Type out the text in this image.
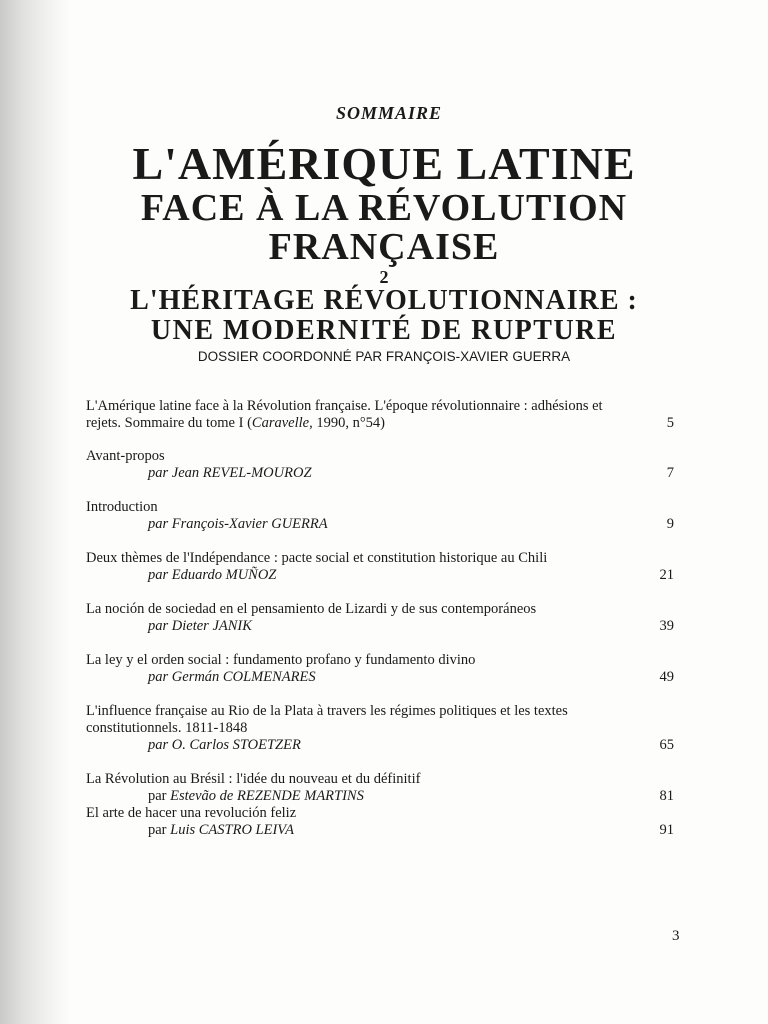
SOMMAIRE
L'AMÉRIQUE LATINE
FACE À LA RÉVOLUTION
FRANÇAISE
2
L'HÉRITAGE RÉVOLUTIONNAIRE :
UNE MODERNITÉ DE RUPTURE
DOSSIER COORDONNÉ PAR FRANÇOIS-XAVIER GUERRA
L'Amérique latine face à la Révolution française. L'époque révolutionnaire : adhésions et rejets. Sommaire du tome I (Caravelle, 1990, n°54)	5
Avant-propos
par Jean REVEL-MOUROZ	7
Introduction
par François-Xavier GUERRA	9
Deux thèmes de l'Indépendance : pacte social et constitution historique au Chili
par Eduardo MUÑOZ	21
La noción de sociedad en el pensamiento de Lizardi y de sus contemporáneos
par Dieter JANIK	39
La ley y el orden social : fundamento profano y fundamento divino
par Germán COLMENARES	49
L'influence française au Rio de la Plata à travers les régimes politiques et les textes constitutionnels. 1811-1848
par O. Carlos STOETZER	65
La Révolution au Brésil : l'idée du nouveau et du définitif
par Estevão de REZENDE MARTINS	81
El arte de hacer una revolución feliz
par Luis CASTRO LEIVA	91
3
